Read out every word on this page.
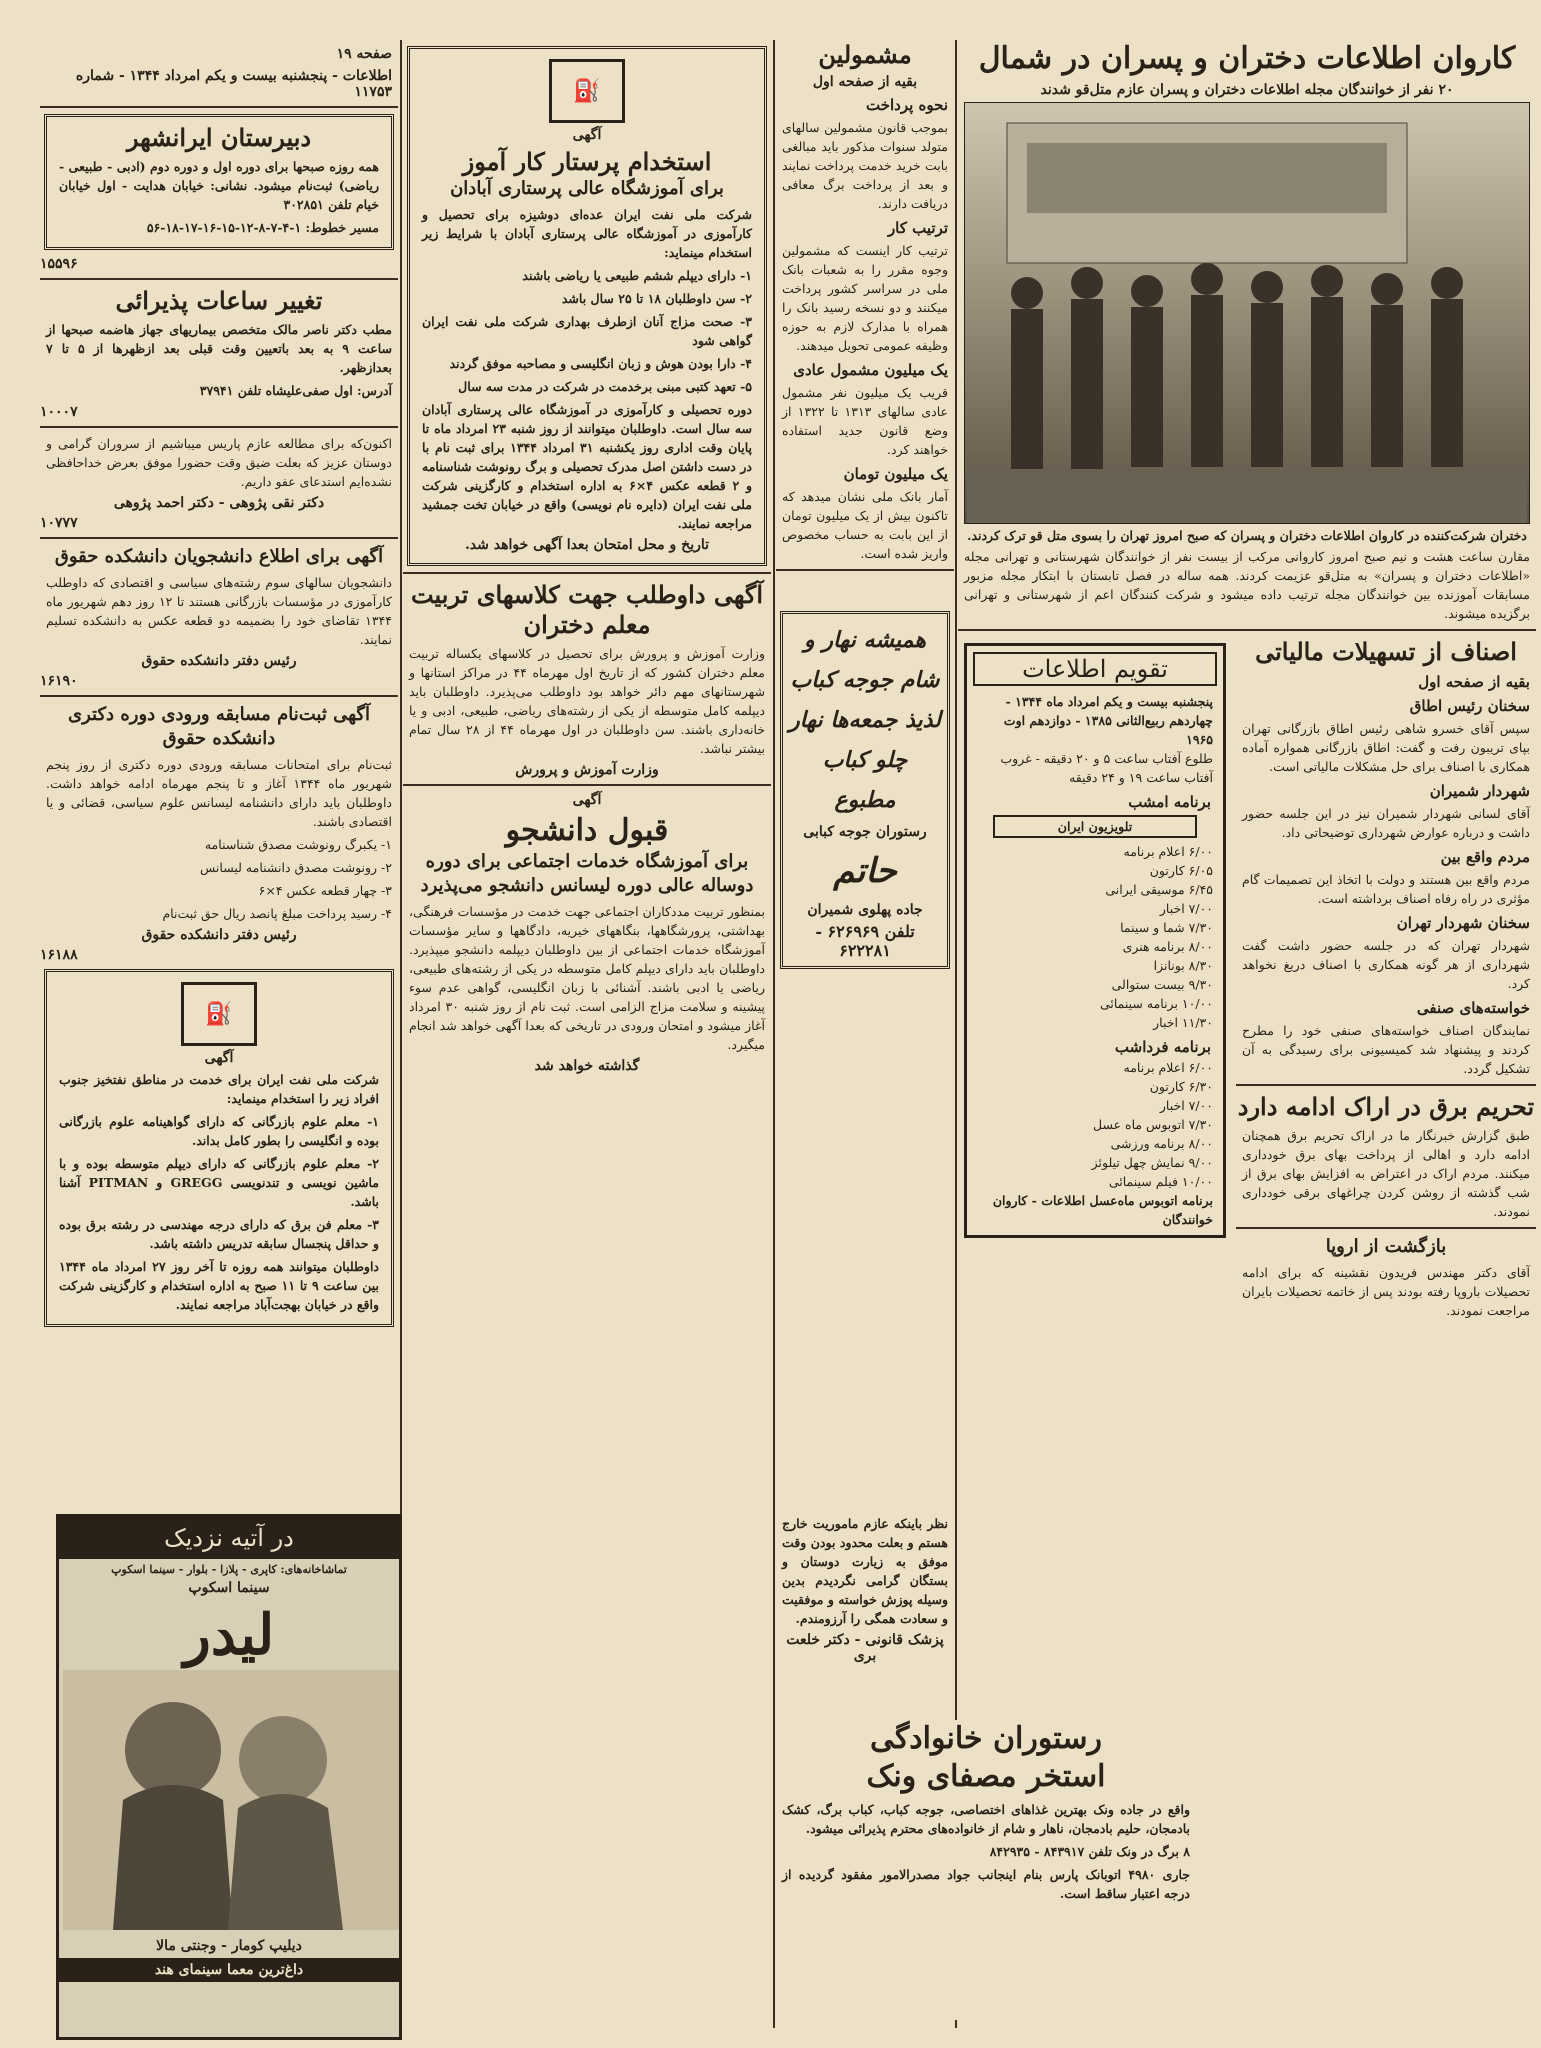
کاروان اطلاعات دختران و پسران در شمال
۲۰ نفر از خوانندگان مجله اطلاعات دختران و پسران عازم متل‌قو شدند
دختران شرکت‌کننده در کاروان اطلاعات دختران و پسران که صبح امروز تهران را بسوی متل قو ترک کردند.
مقارن ساعت هشت و نیم صبح امروز کاروانی مرکب از بیست نفر از خوانندگان شهرستانی و تهرانی مجله «اطلاعات دختران و پسران» به متل‌قو عزیمت کردند. همه ساله در فصل تابستان با ابتکار مجله مزبور مسابقات آموزنده بین خوانندگان مجله ترتیب داده میشود و شرکت کنندگان اعم از شهرستانی و تهرانی برگزیده میشوند.
اصناف از تسهیلات مالیاتی
بقیه از صفحه اول
سخنان رئیس اطاق
سپس آقای خسرو شاهی رئیس اطاق بازرگانی تهران بپای تریبون رفت و گفت: اطاق بازرگانی همواره آماده همکاری با اصناف برای حل مشکلات مالیاتی است.
شهردار شمیران
آقای لسانی شهردار شمیران نیز در این جلسه حضور داشت و درباره عوارض شهرداری توضیحاتی داد.
مردم واقع بین
مردم واقع بین هستند و دولت با اتخاذ این تصمیمات گام مؤثری در راه رفاه اصناف برداشته است.
سخنان شهردار تهران
شهردار تهران که در جلسه حضور داشت گفت شهرداری از هر گونه همکاری با اصناف دریغ نخواهد کرد.
خواسته‌های صنفی
نمایندگان اصناف خواسته‌های صنفی خود را مطرح کردند و پیشنهاد شد کمیسیونی برای رسیدگی به آن تشکیل گردد.
تحریم برق در اراک ادامه دارد
طبق گزارش خبرنگار ما در اراک تحریم برق همچنان ادامه دارد و اهالی از پرداخت بهای برق خودداری میکنند. مردم اراک در اعتراض به افزایش بهای برق از شب گذشته از روشن کردن چراغهای برقی خودداری نمودند.
بازگشت از اروپا
آقای دکتر مهندس فریدون نقشینه که برای ادامه تحصیلات باروپا رفته بودند پس از خاتمه تحصیلات بایران مراجعت نمودند.
تقویم اطلاعات
پنجشنبه بیست و یکم امرداد ماه ۱۳۴۴ - چهاردهم ربیع‌الثانی ۱۳۸۵ - دوازدهم اوت ۱۹۶۵
طلوع آفتاب ساعت ۵ و ۲۰ دقیقه - غروب آفتاب ساعت ۱۹ و ۲۴ دقیقه
برنامه امشب
تلویزیون ایران
۶/۰۰ اعلام برنامه
۶/۰۵ کارتون
۶/۴۵ موسیقی ایرانی
۷/۰۰ اخبار
۷/۳۰ شما و سینما
۸/۰۰ برنامه هنری
۸/۳۰ بونانزا
۹/۳۰ بیست ستوالی
۱۰/۰۰ برنامه سینمائی
۱۱/۳۰ اخبار
برنامه فرداشب
۶/۰۰ اعلام برنامه
۶/۳۰ کارتون
۷/۰۰ اخبار
۷/۳۰ اتوبوس ماه عسل
۸/۰۰ برنامه ورزشی
۹/۰۰ نمایش چهل تیلوئز
۱۰/۰۰ فیلم سینمائی
برنامه اتوبوس ماه‌عسل اطلاعات - کاروان خوانندگان
مشمولین
بقیه از صفحه اول
نحوه پرداخت
بموجب قانون مشمولین سالهای متولد سنوات مذکور باید مبالغی بابت خرید خدمت پرداخت نمایند و بعد از پرداخت برگ معافی دریافت دارند.
ترتیب کار
ترتیب کار اینست که مشمولین وجوه مقرر را به شعبات بانک ملی در سراسر کشور پرداخت میکنند و دو نسخه رسید بانک را همراه با مدارک لازم به حوزه وظیفه عمومی تحویل میدهند.
یک میلیون مشمول عادی
قریب یک میلیون نفر مشمول عادی سالهای ۱۳۱۳ تا ۱۳۲۲ از وضع قانون جدید استفاده خواهند کرد.
یک میلیون تومان
آمار بانک ملی نشان میدهد که تاکنون بیش از یک میلیون تومان از این بابت به حساب مخصوص واریز شده است.
همیشه نهار و شام جوجه کباب لذیذ جمعه‌ها نهار چلو کباب مطبوع
رستوران جوجه کبابی
حاتم
جاده پهلوی شمیران
تلفن ۶۲۶۹۶۹ - ۶۲۲۲۸۱
⛽
آگهی
استخدام پرستار کار آموز
برای آموزشگاه عالی پرستاری آبادان
شرکت ملی نفت ایران عده‌ای دوشیزه برای تحصیل و کارآموزی در آموزشگاه عالی پرستاری آبادان با شرایط زیر استخدام مینماید:
۱- دارای دیپلم ششم طبیعی یا ریاضی باشند
۲- سن داوطلبان ۱۸ تا ۲۵ سال باشد
۳- صحت مزاج آنان ازطرف بهداری شرکت ملی نفت ایران گواهی شود
۴- دارا بودن هوش و زبان انگلیسی و مصاحبه موفق گردند
۵- تعهد کتبی مبنی برخدمت در شرکت در مدت سه سال
دوره تحصیلی و کارآموزی در آموزشگاه عالی پرستاری آبادان سه سال است. داوطلبان میتوانند از روز شنبه ۲۳ امرداد ماه تا پایان وقت اداری روز یکشنبه ۳۱ امرداد ۱۳۴۴ برای ثبت نام با در دست داشتن اصل مدرک تحصیلی و برگ رونوشت شناسنامه و ۲ قطعه عکس ۴×۶ به اداره استخدام و کارگزینی شرکت ملی نفت ایران (دایره نام نویسی) واقع در خیابان تخت جمشید مراجعه نمایند.
تاریخ و محل امتحان بعدا آگهی خواهد شد.
آگهی داوطلب جهت کلاسهای تربیت معلم دختران
وزارت آموزش و پرورش برای تحصیل در کلاسهای یکساله تربیت معلم دختران کشور که از تاریخ اول مهرماه ۴۴ در مراکز استانها و شهرستانهای مهم دائر خواهد بود داوطلب می‌پذیرد. داوطلبان باید دیپلمه کامل متوسطه از یکی از رشته‌های ریاضی، طبیعی، ادبی و یا خانه‌داری باشند. سن داوطلبان در اول مهرماه ۴۴ از ۲۸ سال تمام بیشتر نباشد.
وزارت آموزش و پرورش
آگهی
قبول دانشجو
برای آموزشگاه خدمات اجتماعی برای دوره دوساله عالی دوره لیسانس دانشجو می‌پذیرد
بمنظور تربیت مددکاران اجتماعی جهت خدمت در مؤسسات فرهنگی، بهداشتی، پرورشگاهها، بنگاههای خیریه، دادگاهها و سایر مؤسسات آموزشگاه خدمات اجتماعی از بین داوطلبان دیپلمه دانشجو میپذیرد. داوطلبان باید دارای دیپلم کامل متوسطه در یکی از رشته‌های طبیعی، ریاضی یا ادبی باشند. آشنائی با زبان انگلیسی، گواهی عدم سوء پیشینه و سلامت مزاج الزامی است. ثبت نام از روز شنبه ۳۰ امرداد آغاز میشود و امتحان ورودی در تاریخی که بعدا آگهی خواهد شد انجام میگیرد.
گذاشته خواهد شد
صفحه ۱۹
اطلاعات - پنجشنبه بیست و یکم امرداد ۱۳۴۴ - شماره ۱۱۷۵۳
دبیرستان ایرانشهر
همه روزه صبحها برای دوره اول و دوره دوم (ادبی - طبیعی - ریاضی) ثبت‌نام میشود. نشانی: خیابان هدایت - اول خیابان خیام تلفن ۳۰۲۸۵۱
مسیر خطوط: ۱-۴-۷-۸-۱۲-۱۵-۱۶-۱۷-۱۸-۵۶
۱۵۵۹۶
تغییر ساعات پذیرائی
مطب دکتر ناصر مالک متخصص بیماریهای جهاز هاضمه صبحها از ساعت ۹ به بعد باتعیین وقت قبلی بعد ازظهرها از ۵ تا ۷ بعدازظهر.
آدرس: اول صفی‌علیشاه تلفن ۳۷۹۴۱
۱۰۰۰۷
اکنون‌که برای مطالعه عازم پاریس میباشیم از سروران گرامی و دوستان عزیز که بعلت ضیق وقت حضورا موفق بعرض خداحافظی نشده‌ایم استدعای عفو داریم.
دکتر نقی پژوهی - دکتر احمد پژوهی
۱۰۷۷۷
آگهی برای اطلاع دانشجویان دانشکده حقوق
دانشجویان سالهای سوم رشته‌های سیاسی و اقتصادی که داوطلب کارآموزی در مؤسسات بازرگانی هستند تا ۱۲ روز دهم شهریور ماه ۱۳۴۴ تقاضای خود را بضمیمه دو قطعه عکس به دانشکده تسلیم نمایند.
رئیس دفتر دانشکده حقوق
۱۶۱۹۰
آگهی ثبت‌نام مسابقه ورودی دوره دکتری دانشکده حقوق
ثبت‌نام برای امتحانات مسابقه ورودی دوره دکتری از روز پنجم شهریور ماه ۱۳۴۴ آغاز و تا پنجم مهرماه ادامه خواهد داشت. داوطلبان باید دارای دانشنامه لیسانس علوم سیاسی، قضائی و یا اقتصادی باشند.
۱- یکبرگ رونوشت مصدق شناسنامه
۲- رونوشت مصدق دانشنامه لیسانس
۳- چهار قطعه عکس ۴×۶
۴- رسید پرداخت مبلغ پانصد ریال حق ثبت‌نام
رئیس دفتر دانشکده حقوق
۱۶۱۸۸
⛽
آگهی
شرکت ملی نفت ایران برای خدمت در مناطق نفتخیز جنوب افراد زیر را استخدام مینماید:
۱- معلم علوم بازرگانی که دارای گواهینامه علوم بازرگانی بوده و انگلیسی را بطور کامل بداند.
۲- معلم علوم بازرگانی که دارای دیپلم متوسطه بوده و با ماشین نویسی و تندنویسی GREGG و PITMAN آشنا باشد.
۳- معلم فن برق که دارای درجه مهندسی در رشته برق بوده و حداقل پنجسال سابقه تدریس داشته باشد.
داوطلبان میتوانند همه روزه تا آخر روز ۲۷ امرداد ماه ۱۳۴۴ بین ساعت ۹ تا ۱۱ صبح به اداره استخدام و کارگزینی شرکت واقع در خیابان بهجت‌آباد مراجعه نمایند.
در آتیه نزدیک
تماشاخانه‌های: کاپری - پلازا - بلوار - سینما اسکوپ
سینما اسکوپ
لیدر
دیلیپ کومار - وجنتی مالا
داغ‌ترین معما سینمای هند
نظر باینکه عازم ماموریت خارج هستم و بعلت محدود بودن وقت موفق به زیارت دوستان و بستگان گرامی نگردیدم بدین وسیله پوزش خواسته و موفقیت و سعادت همگی را آرزومندم.
پزشک قانونی - دکتر خلعت بری
رستوران خانوادگی
استخر مصفای ونک
واقع در جاده ونک بهترین غذاهای اختصاصی، جوجه کباب، کباب برگ، کشک بادمجان، حلیم بادمجان، ناهار و شام از خانواده‌های محترم پذیرائی میشود.
۸ برگ در ونک تلفن ۸۴۳۹۱۷ - ۸۴۲۹۳۵
جاری ۴۹۸۰ اتوبانک پارس بنام اینجانب جواد مصدرالامور مفقود گردیده از درجه اعتبار ساقط است.
